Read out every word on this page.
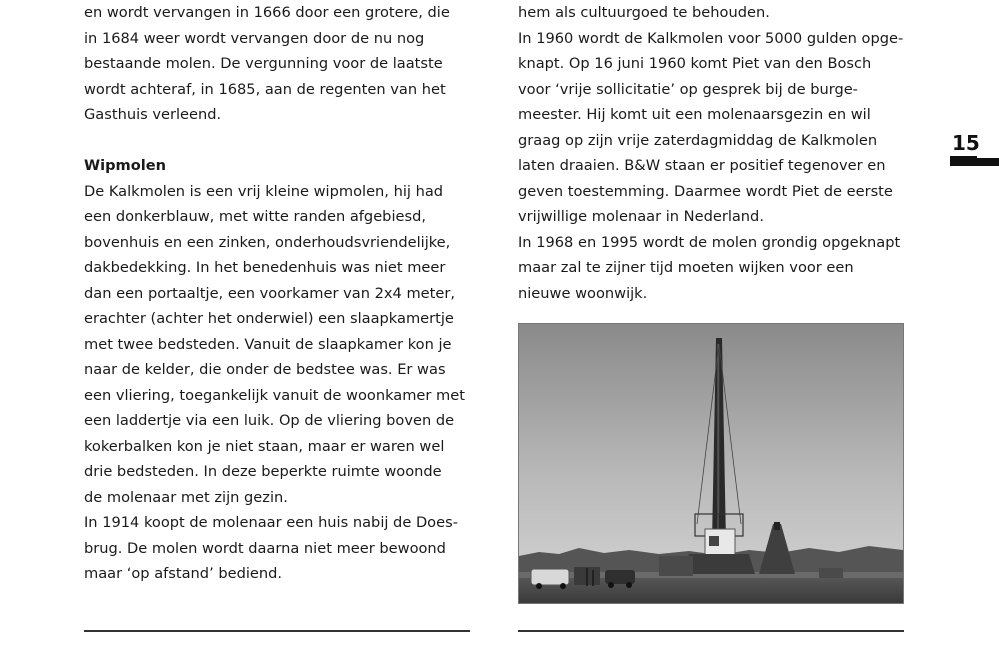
en wordt vervangen in 1666 door een grotere, die
in 1684 weer wordt vervangen door de nu nog
bestaande molen. De vergunning voor de laatste
wordt achteraf, in 1685, aan de regenten van het
Gasthuis verleend.
Wipmolen
De Kalkmolen is een vrij kleine wipmolen, hij had
een donkerblauw, met witte randen afgebiesd,
bovenhuis en een zinken, onderhoudsvriendelijke,
dakbedekking. In het benedenhuis was niet meer
dan een portaaltje, een voorkamer van 2x4 meter,
erachter (achter het onderwiel) een slaapkamertje
met twee bedsteden. Vanuit de slaapkamer kon je
naar de kelder, die onder de bedstee was. Er was
een vliering, toegankelijk vanuit de woonkamer met
een laddertje via een luik. Op de vliering boven de
kokerbalken kon je niet staan, maar er waren wel
drie bedsteden. In deze beperkte ruimte woonde
de molenaar met zijn gezin.
In 1914 koopt de molenaar een huis nabij de Does-
brug. De molen wordt daarna niet meer bewoond
maar ‘op afstand’ bediend.
hem als cultuurgoed te behouden.
In 1960 wordt de Kalkmolen voor 5000 gulden opge-
knapt. Op 16 juni 1960 komt Piet van den Bosch
voor ‘vrije sollicitatie’ op gesprek bij de burge-
meester. Hij komt uit een molenaarsgezin en wil
graag op zijn vrije zaterdagmiddag de Kalkmolen
laten draaien. B&W staan er positief tegenover en
geven toestemming. Daarmee wordt Piet de eerste
vrijwillige molenaar in Nederland.
In 1968 en 1995 wordt de molen grondig opgeknapt
maar zal te zijner tijd moeten wijken voor een
nieuwe woonwijk.
15
